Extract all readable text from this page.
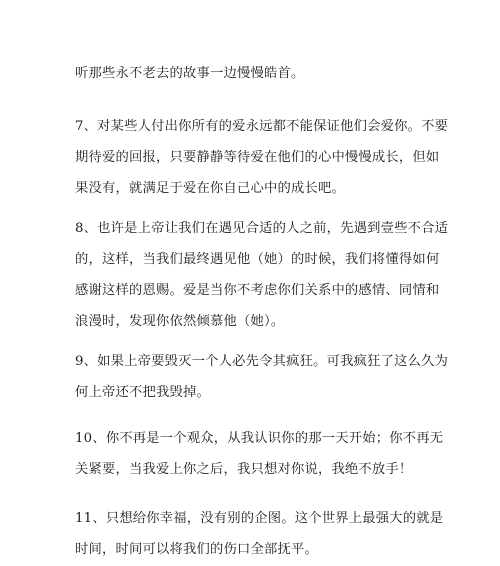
听那些永不老去的故事一边慢慢皓首。

7、对某些人付出你所有的爱永远都不能保证他们会爱你。不要
期待爱的回报，只要静静等待爱在他们的心中慢慢成长，但如
果没有，就满足于爱在你自己心中的成长吧。

8、也许是上帝让我们在遇见合适的人之前，先遇到壹些不合适
的，这样，当我们最终遇见他（她）的时候，我们将懂得如何
感谢这样的恩赐。爱是当你不考虑你们关系中的感情、同情和
浪漫时，发现你依然倾慕他（她）。

9、如果上帝要毁灭一个人必先令其疯狂。可我疯狂了这么久为
何上帝还不把我毁掉。

10、你不再是一个观众，从我认识你的那一天开始；你不再无
关紧要，当我爱上你之后，我只想对你说，我绝不放手！

11、只想给你幸福，没有别的企图。这个世界上最强大的就是
时间，时间可以将我们的伤口全部抚平。
